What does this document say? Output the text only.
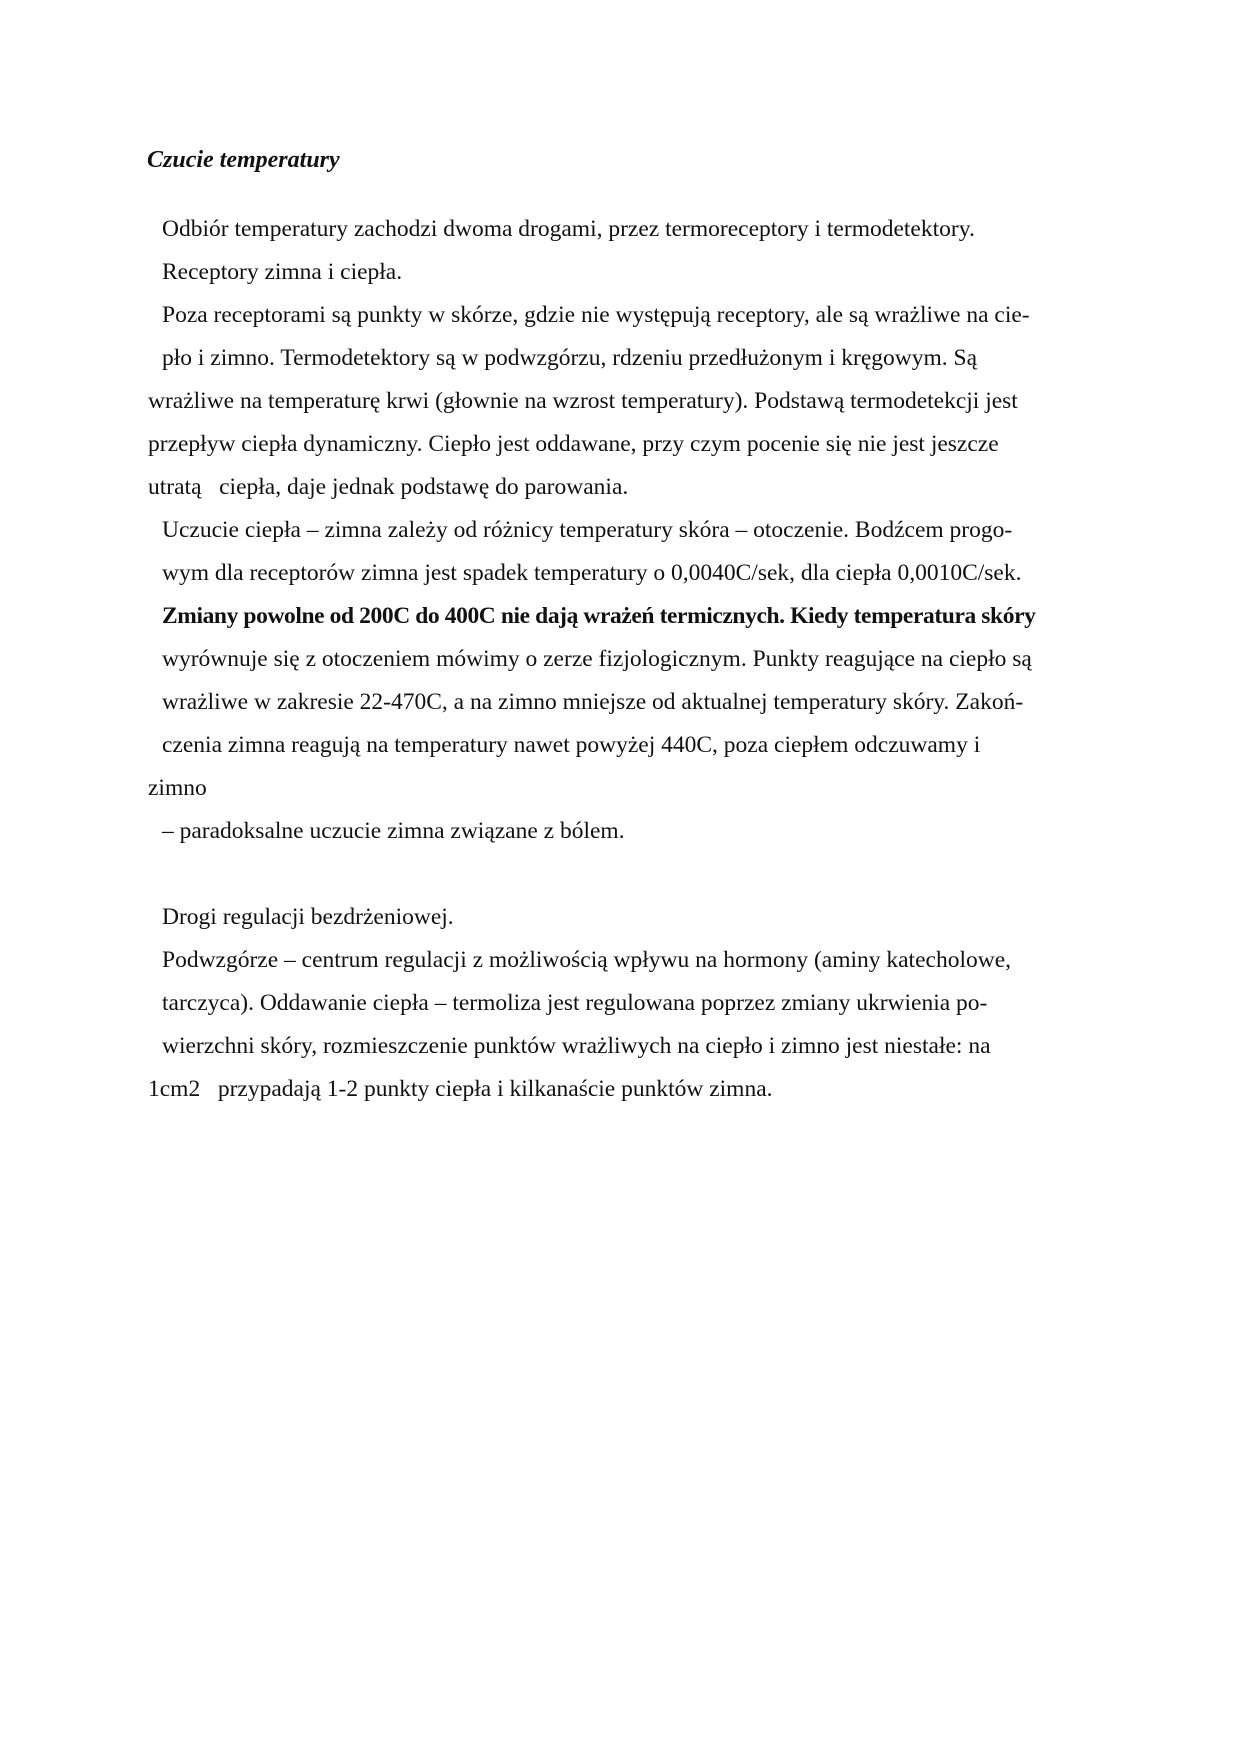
Czucie temperatury
Odbiór temperatury zachodzi dwoma drogami, przez termoreceptory i termodetektory.
Receptory zimna i ciepła.
Poza receptorami są punkty w skórze, gdzie nie występują receptory, ale są wrażliwe na cie-
pło i zimno. Termodetektory są w podwzgórzu, rdzeniu przedłużonym i kręgowym. Są
wrażliwe na temperaturę krwi (głownie na wzrost temperatury). Podstawą termodetekcji jest
przepływ ciepła dynamiczny. Ciepło jest oddawane, przy czym pocenie się nie jest jeszcze
utratą   ciepła, daje jednak podstawę do parowania.
Uczucie ciepła – zimna zależy od różnicy temperatury skóra – otoczenie. Bodźcem progo-
wym dla receptorów zimna jest spadek temperatury o 0,0040C/sek, dla ciepła 0,0010C/sek.
Zmiany powolne od 200C do 400C nie dają wrażeń termicznych. Kiedy temperatura skóry
wyrównuje się z otoczeniem mówimy o zerze fizjologicznym. Punkty reagujące na ciepło są
wrażliwe w zakresie 22-470C, a na zimno mniejsze od aktualnej temperatury skóry. Zakoń-
czenia zimna reagują na temperatury nawet powyżej 440C, poza ciepłem odczuwamy i
zimno
– paradoksalne uczucie zimna związane z bólem.
Drogi regulacji bezdrżeniowej.
Podwzgórze – centrum regulacji z możliwością wpływu na hormony (aminy katecholowe,
tarczyca). Oddawanie ciepła – termoliza jest regulowana poprzez zmiany ukrwienia po-
wierzchni skóry, rozmieszczenie punktów wrażliwych na ciepło i zimno jest niestałe: na
1cm2   przypadają 1-2 punkty ciepła i kilkanaście punktów zimna.
